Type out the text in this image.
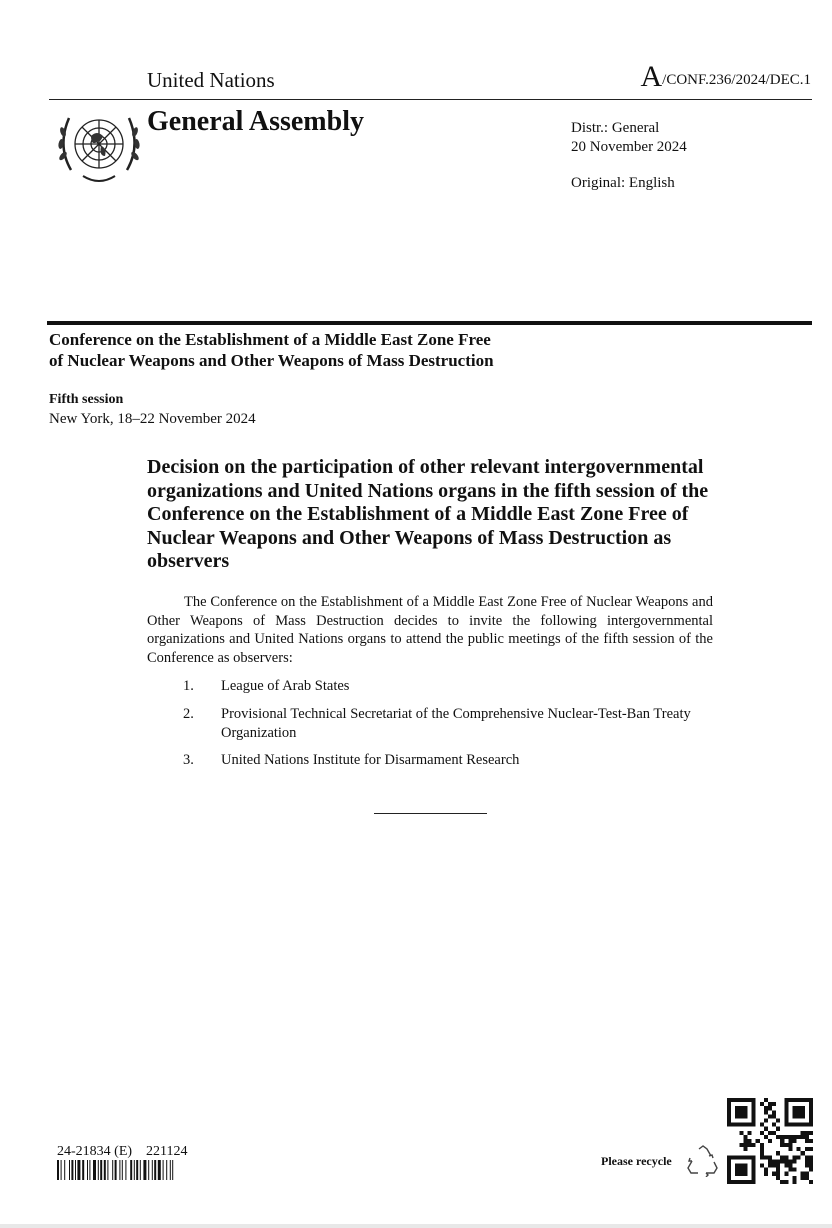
United Nations	A/CONF.236/2024/DEC.1
General Assembly	Distr.: General
20 November 2024
Original: English
Conference on the Establishment of a Middle East Zone Free of Nuclear Weapons and Other Weapons of Mass Destruction
Fifth session
New York, 18–22 November 2024
Decision on the participation of other relevant intergovernmental organizations and United Nations organs in the fifth session of the Conference on the Establishment of a Middle East Zone Free of Nuclear Weapons and Other Weapons of Mass Destruction as observers
The Conference on the Establishment of a Middle East Zone Free of Nuclear Weapons and Other Weapons of Mass Destruction decides to invite the following intergovernmental organizations and United Nations organs to attend the public meetings of the fifth session of the Conference as observers:
1. League of Arab States
2. Provisional Technical Secretariat of the Comprehensive Nuclear-Test-Ban Treaty Organization
3. United Nations Institute for Disarmament Research
24-21834 (E)    221124
Please recycle
